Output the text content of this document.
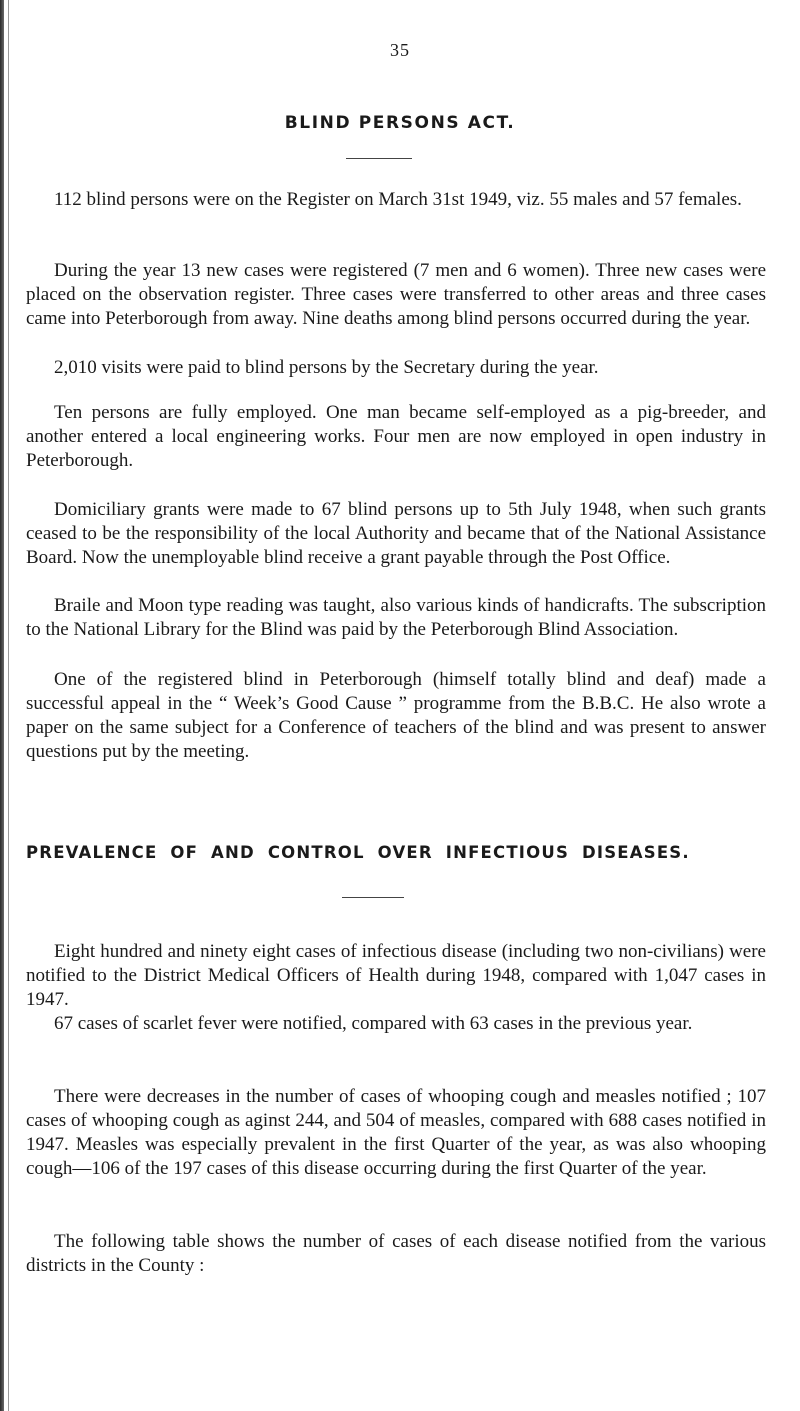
35
BLIND PERSONS ACT.

112 blind persons were on the Register on March 31st 1949, viz. 55 males and 57 females.

During the year 13 new cases were registered (7 men and 6 women). Three new cases were placed on the observation register. Three cases were transferred to other areas and three cases came into Peterborough from away. Nine deaths among blind persons occurred during the year.

2,010 visits were paid to blind persons by the Secretary during the year.

Ten persons are fully employed. One man became self-employed as a pig-breeder, and another entered a local engineering works. Four men are now employed in open industry in Peterborough.

Domiciliary grants were made to 67 blind persons up to 5th July 1948, when such grants ceased to be the responsibility of the local Authority and became that of the National Assistance Board. Now the unemployable blind receive a grant payable through the Post Office.

Braile and Moon type reading was taught, also various kinds of handicrafts. The subscription to the National Library for the Blind was paid by the Peterborough Blind Association.

One of the registered blind in Peterborough (himself totally blind and deaf) made a successful appeal in the “ Week’s Good Cause ” programme from the B.B.C. He also wrote a paper on the same subject for a Conference of teachers of the blind and was present to answer questions put by the meeting.

PREVALENCE OF AND CONTROL OVER INFECTIOUS DISEASES.

Eight hundred and ninety eight cases of infectious disease (including two non-civilians) were notified to the District Medical Officers of Health during 1948, compared with 1,047 cases in 1947.

67 cases of scarlet fever were notified, compared with 63 cases in the previous year.

There were decreases in the number of cases of whooping cough and measles notified ; 107 cases of whooping cough as aginst 244, and 504 of measles, compared with 688 cases notified in 1947. Measles was especially prevalent in the first Quarter of the year, as was also whooping cough—106 of the 197 cases of this disease occurring during the first Quarter of the year.

The following table shows the number of cases of each disease notified from the various districts in the County :
